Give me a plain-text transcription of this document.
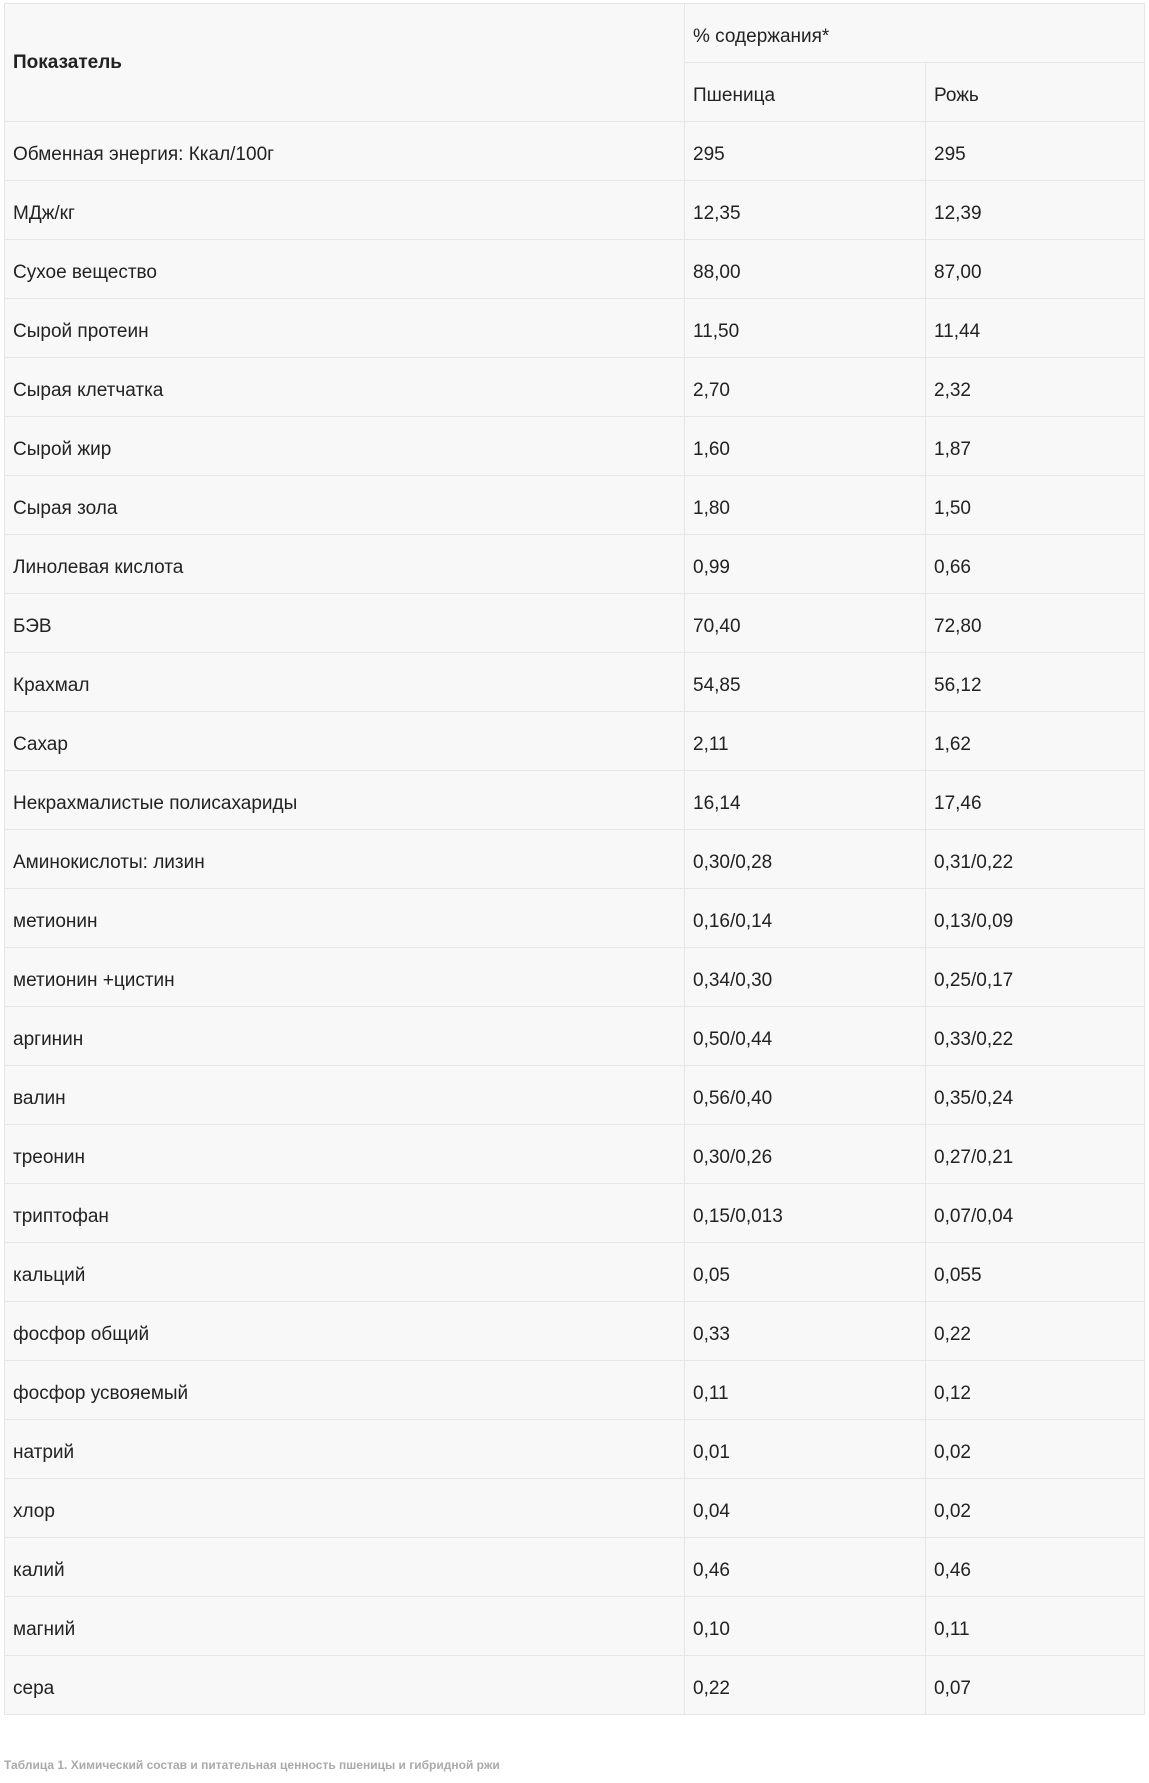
Показатель	% содержания*	
	Пшеница	Рожь
Обменная энергия: Ккал/100г	295	295
МДж/кг	12,35	12,39
Сухое вещество	88,00	87,00
Сырой протеин	11,50	11,44
Сырая клетчатка	2,70	2,32
Сырой жир	1,60	1,87
Сырая зола	1,80	1,50
Линолевая кислота	0,99	0,66
БЭВ	70,40	72,80
Крахмал	54,85	56,12
Сахар	2,11	1,62
Некрахмалистые полисахариды	16,14	17,46
Аминокислоты: лизин	0,30/0,28	0,31/0,22
метионин	0,16/0,14	0,13/0,09
метионин +цистин	0,34/0,30	0,25/0,17
аргинин	0,50/0,44	0,33/0,22
валин	0,56/0,40	0,35/0,24
треонин	0,30/0,26	0,27/0,21
триптофан	0,15/0,013	0,07/0,04
кальций	0,05	0,055
фосфор общий	0,33	0,22
фосфор усвояемый	0,11	0,12
натрий	0,01	0,02
хлор	0,04	0,02
калий	0,46	0,46
магний	0,10	0,11
сера	0,22	0,07
Таблица 1. Химический состав и питательная ценность пшеницы и гибридной ржи
